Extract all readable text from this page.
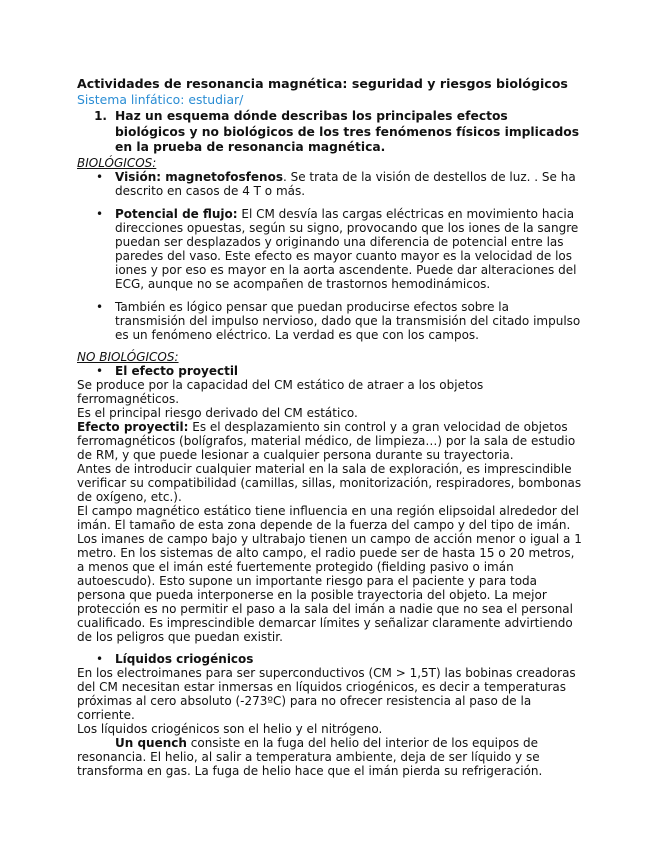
Actividades de resonancia magnética: seguridad y riesgos biológicos
Sistema linfático: estudiar/
1. Haz un esquema dónde describas los principales efectos biológicos y no biológicos de los tres fenómenos físicos implicados en la prueba de resonancia magnética.
BIOLÓGICOS:
• Visión: magnetofosfenos. Se trata de la visión de destellos de luz. . Se ha descrito en casos de 4 T o más.
• Potencial de flujo: El CM desvía las cargas eléctricas en movimiento hacia direcciones opuestas, según su signo, provocando que los iones de la sangre puedan ser desplazados y originando una diferencia de potencial entre las paredes del vaso. Este efecto es mayor cuanto mayor es la velocidad de los iones y por eso es mayor en la aorta ascendente. Puede dar alteraciones del ECG, aunque no se acompañen de trastornos hemodinámicos.
• También es lógico pensar que puedan producirse efectos sobre la transmisión del impulso nervioso, dado que la transmisión del citado impulso es un fenómeno eléctrico. La verdad es que con los campos.
NO BIOLÓGICOS:
• El efecto proyectil

Se produce por la capacidad del CM estático de atraer a los objetos ferromagnéticos.

Es el principal riesgo derivado del CM estático.

Efecto proyectil: Es el desplazamiento sin control y a gran velocidad de objetos ferromagnéticos (bolígrafos, material médico, de limpieza…) por la sala de estudio de RM, y que puede lesionar a cualquier persona durante su trayectoria.

Antes de introducir cualquier material en la sala de exploración, es imprescindible verificar su compatibilidad (camillas, sillas, monitorización, respiradores, bombonas de oxígeno, etc.).

El campo magnético estático tiene influencia en una región elipsoidal alrededor del imán. El tamaño de esta zona depende de la fuerza del campo y del tipo de imán. Los imanes de campo bajo y ultrabajo tienen un campo de acción menor o igual a 1 metro. En los sistemas de alto campo, el radio puede ser de hasta 15 o 20 metros, a menos que el imán esté fuertemente protegido (fielding pasivo o imán autoescudo). Esto supone un importante riesgo para el paciente y para toda persona que pueda interponerse en la posible trayectoria del objeto. La mejor protección es no permitir el paso a la sala del imán a nadie que no sea el personal cualificado. Es imprescindible demarcar límites y señalizar claramente advirtiendo de los peligros que puedan existir.

• Líquidos criogénicos

En los electroimanes para ser superconductivos (CM > 1,5T) las bobinas creadoras del CM necesitan estar inmersas en líquidos criogénicos, es decir a temperaturas próximas al cero absoluto (-273ºC) para no ofrecer resistencia al paso de la corriente.

Los líquidos criogénicos son el helio y el nitrógeno.

Un quench consiste en la fuga del helio del interior de los equipos de resonancia. El helio, al salir a temperatura ambiente, deja de ser líquido y se transforma en gas. La fuga de helio hace que el imán pierda su refrigeración.
